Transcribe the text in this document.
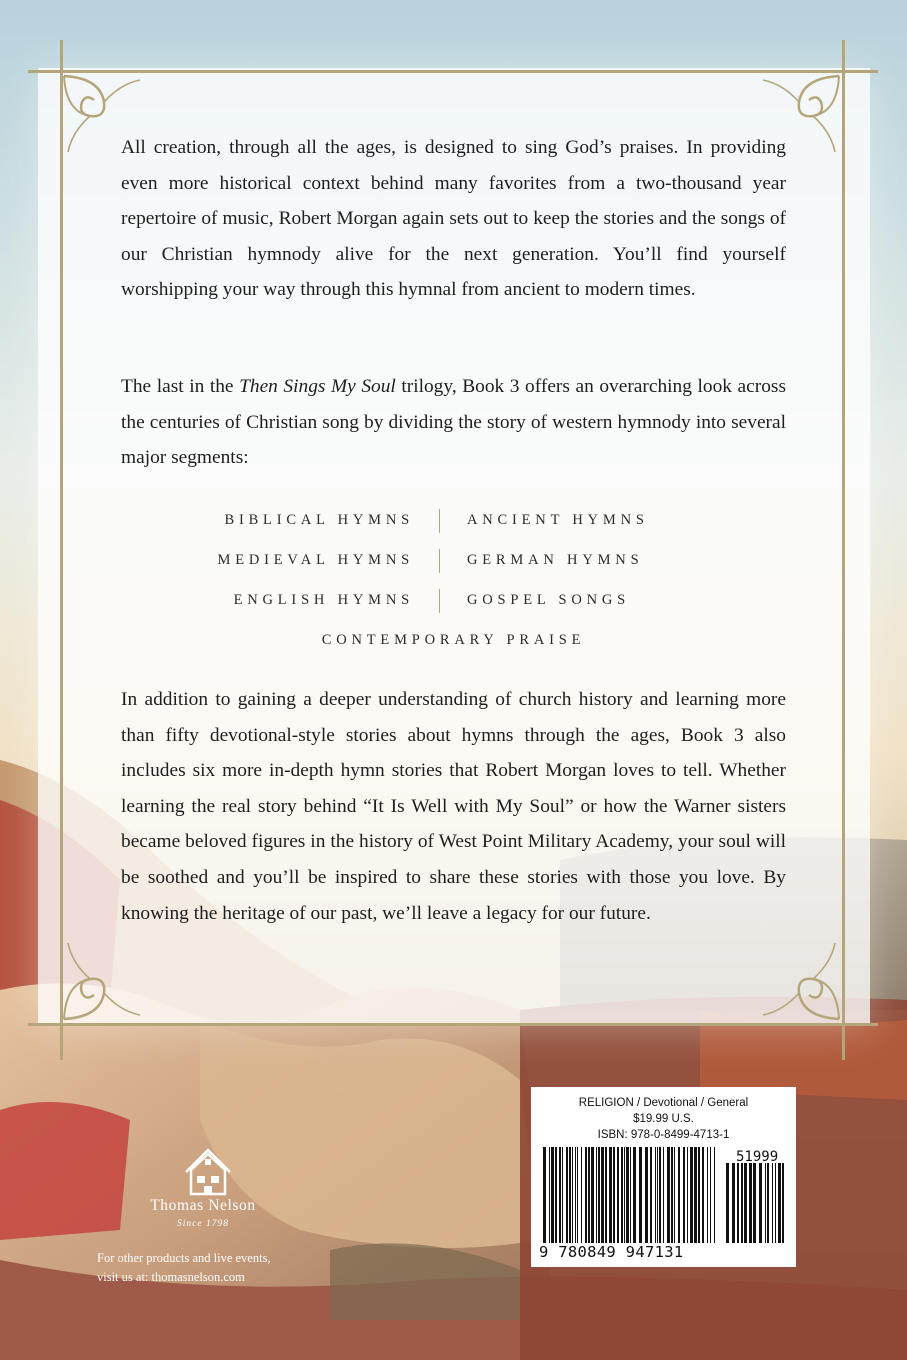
All creation, through all the ages, is designed to sing God’s praises. In providing even more historical context behind many favorites from a two-thousand year repertoire of music, Robert Morgan again sets out to keep the stories and the songs of our Christian hymnody alive for the next generation. You’ll find yourself worshipping your way through this hymnal from ancient to modern times.

The last in the Then Sings My Soul trilogy, Book 3 offers an overarching look across the centuries of Christian song by dividing the story of western hymnody into several major segments:

BIBLICAL HYMNS	ANCIENT HYMNS
MEDIEVAL HYMNS	GERMAN HYMNS
ENGLISH HYMNS	GOSPEL SONGS
CONTEMPORARY PRAISE

In addition to gaining a deeper understanding of church history and learning more than fifty devotional-style stories about hymns through the ages, Book 3 also includes six more in-depth hymn stories that Robert Morgan loves to tell. Whether learning the real story behind “It Is Well with My Soul” or how the Warner sisters became beloved figures in the history of West Point Military Academy, your soul will be soothed and you’ll be inspired to share these stories with those you love. By knowing the heritage of our past, we’ll leave a legacy for our future.

Thomas Nelson
Since 1798
For other products and live events,
visit us at: thomasnelson.com
RELIGION / Devotional / General
$19.99 U.S.
ISBN: 978-0-8499-4713-1
51999
9 780849 947131
